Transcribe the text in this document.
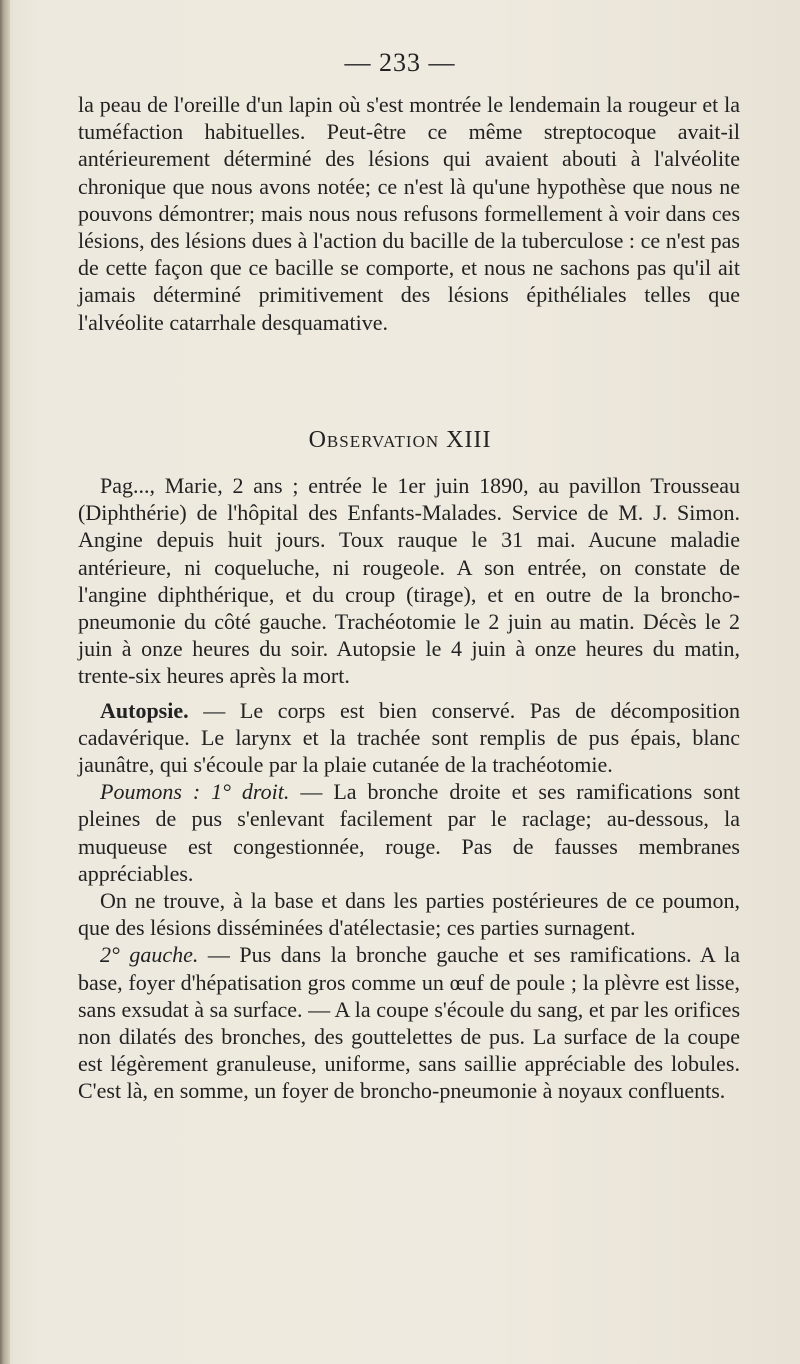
— 233 —

la peau de l'oreille d'un lapin où s'est montrée le lendemain la rougeur et la tuméfaction habituelles. Peut-être ce même streptocoque avait-il antérieurement déterminé des lésions qui avaient abouti à l'alvéolite chronique que nous avons notée; ce n'est là qu'une hypothèse que nous ne pouvons démontrer; mais nous nous refusons formellement à voir dans ces lésions, des lésions dues à l'action du bacille de la tuberculose : ce n'est pas de cette façon que ce bacille se comporte, et nous ne sachons pas qu'il ait jamais déterminé primitivement des lésions épithéliales telles que l'alvéolite catarrhale desquamative.

Observation XIII

Pag..., Marie, 2 ans ; entrée le 1er juin 1890, au pavillon Trousseau (Diphthérie) de l'hôpital des Enfants-Malades. Service de M. J. Simon. Angine depuis huit jours. Toux rauque le 31 mai. Aucune maladie antérieure, ni coqueluche, ni rougeole. A son entrée, on constate de l'angine diphthérique, et du croup (tirage), et en outre de la broncho-pneumonie du côté gauche. Trachéotomie le 2 juin au matin. Décès le 2 juin à onze heures du soir. Autopsie le 4 juin à onze heures du matin, trente-six heures après la mort.

Autopsie. — Le corps est bien conservé. Pas de décomposition cadavérique. Le larynx et la trachée sont remplis de pus épais, blanc jaunâtre, qui s'écoule par la plaie cutanée de la trachéotomie.

Poumons : 1° droit. — La bronche droite et ses ramifications sont pleines de pus s'enlevant facilement par le raclage; au-dessous, la muqueuse est congestionnée, rouge. Pas de fausses membranes appréciables.

On ne trouve, à la base et dans les parties postérieures de ce poumon, que des lésions disséminées d'atélectasie; ces parties surnagent.

2° gauche. — Pus dans la bronche gauche et ses ramifications. A la base, foyer d'hépatisation gros comme un œuf de poule ; la plèvre est lisse, sans exsudat à sa surface. — A la coupe s'écoule du sang, et par les orifices non dilatés des bronches, des gouttelettes de pus. La surface de la coupe est légèrement granuleuse, uniforme, sans saillie appréciable des lobules. C'est là, en somme, un foyer de broncho-pneumonie à noyaux confluents.
